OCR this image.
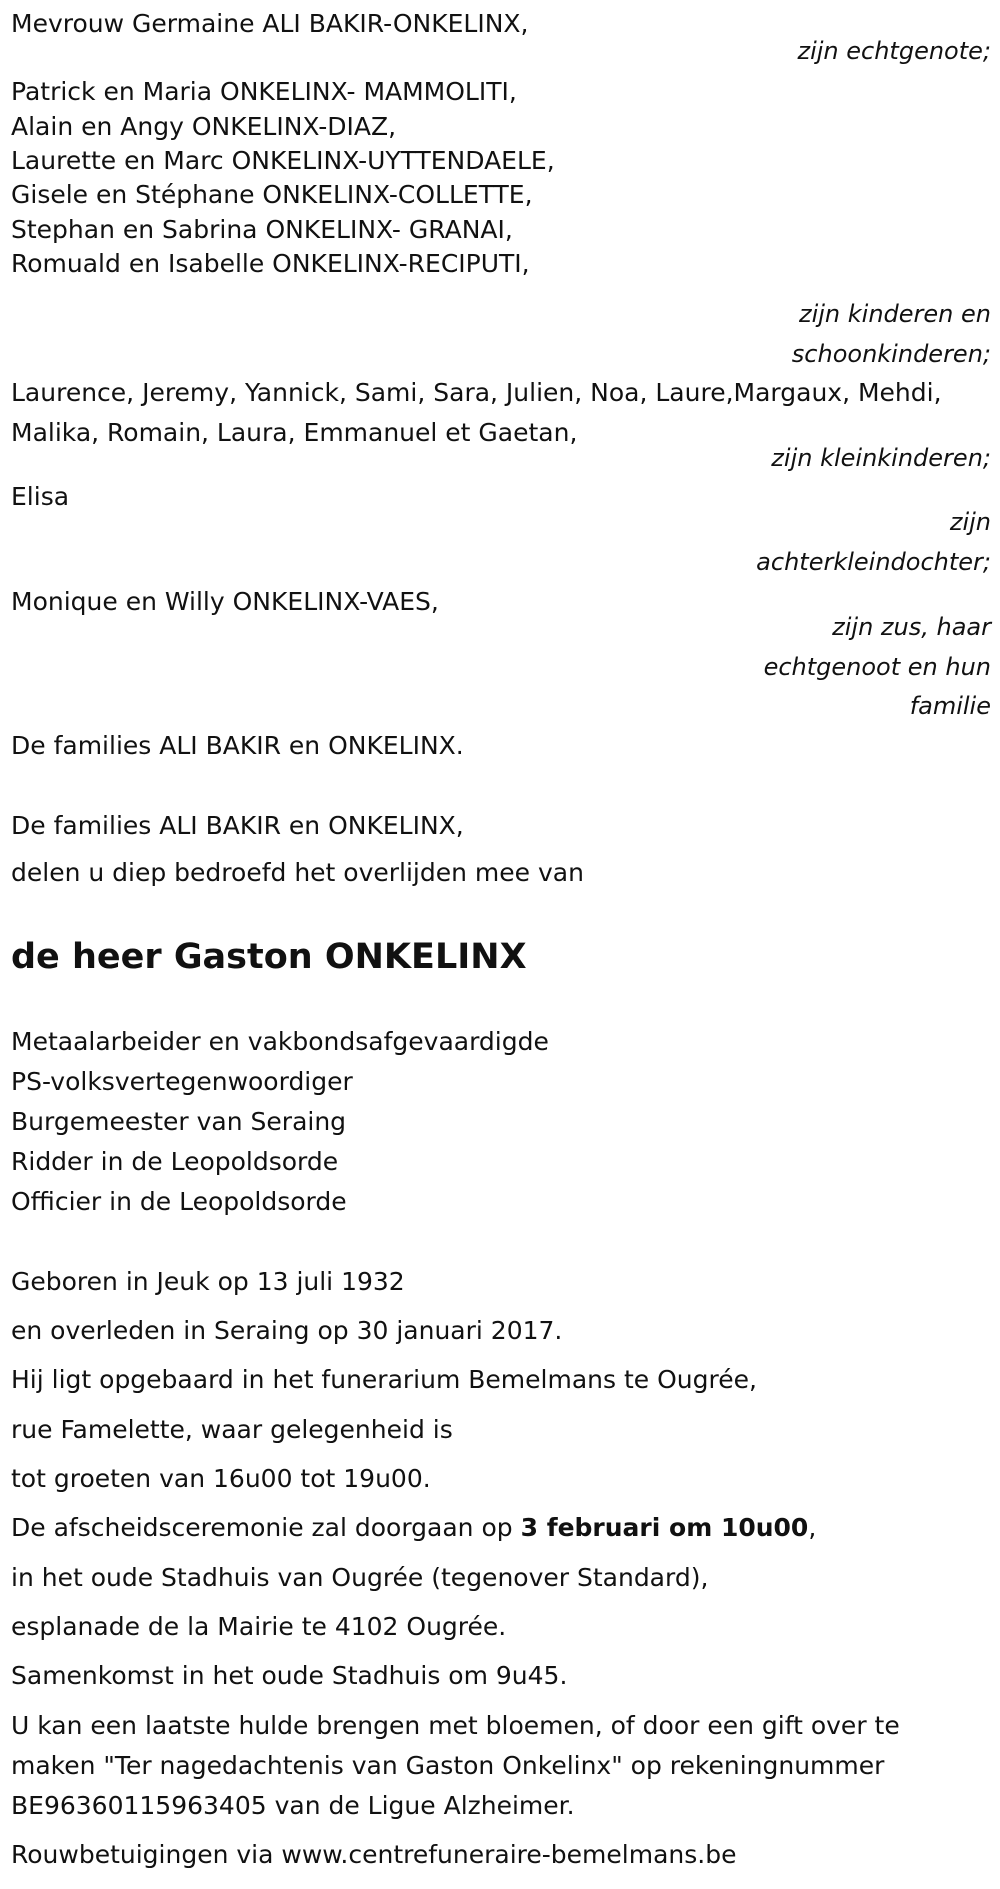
Mevrouw Germaine ALI BAKIR-ONKELINX,
zijn echtgenote;
Patrick en Maria ONKELINX- MAMMOLITI,
Alain en Angy ONKELINX-DIAZ,
Laurette en Marc ONKELINX-UYTTENDAELE,
Gisele en Stéphane ONKELINX-COLLETTE,
Stephan en Sabrina ONKELINX- GRANAI,
Romuald en Isabelle ONKELINX-RECIPUTI,
zijn kinderen en
schoonkinderen;
Laurence, Jeremy, Yannick, Sami, Sara, Julien, Noa, Laure,Margaux, Mehdi,
Malika, Romain, Laura, Emmanuel et Gaetan,
zijn kleinkinderen;
Elisa
zijn
achterkleindochter;
Monique en Willy ONKELINX-VAES,
zijn zus, haar
echtgenoot en hun
familie
De families ALI BAKIR en ONKELINX.
De families ALI BAKIR en ONKELINX,
delen u diep bedroefd het overlijden mee van
de heer Gaston ONKELINX
Metaalarbeider en vakbondsafgevaardigde
PS-volksvertegenwoordiger
Burgemeester van Seraing
Ridder in de Leopoldsorde
Officier in de Leopoldsorde
Geboren in Jeuk op 13 juli 1932
en overleden in Seraing op 30 januari 2017.
Hij ligt opgebaard in het funerarium Bemelmans te Ougrée,
rue Famelette, waar gelegenheid is
tot groeten van 16u00 tot 19u00.
De afscheidsceremonie zal doorgaan op 3 februari om 10u00,
in het oude Stadhuis van Ougrée (tegenover Standard),
esplanade de la Mairie te 4102 Ougrée.
Samenkomst in het oude Stadhuis om 9u45.
U kan een laatste hulde brengen met bloemen, of door een gift over te maken "Ter nagedachtenis van Gaston Onkelinx" op rekeningnummer BE96360115963405 van de Ligue Alzheimer.
Rouwbetuigingen via www.centrefuneraire-bemelmans.be
